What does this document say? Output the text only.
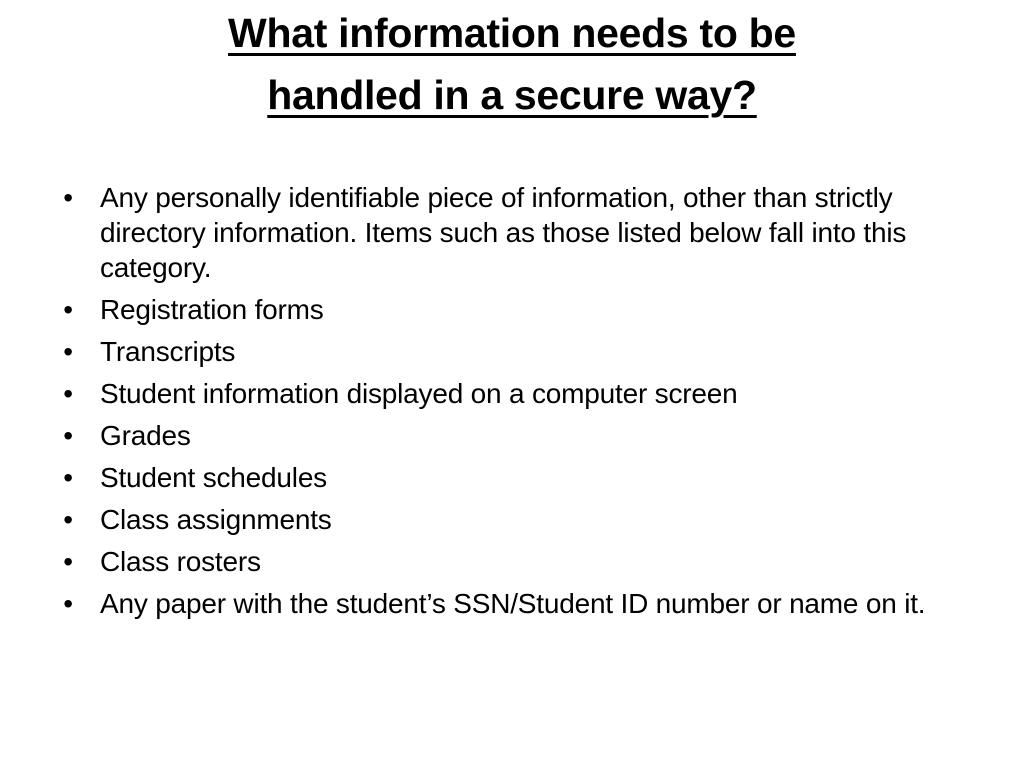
What information needs to be
handled in a secure way?
• Any personally identifiable piece of information, other than strictly directory information. Items such as those listed below fall into this category.
• Registration forms
• Transcripts
• Student information displayed on a computer screen
• Grades
• Student schedules
• Class assignments
• Class rosters
• Any paper with the student’s SSN/Student ID number or name on it.
